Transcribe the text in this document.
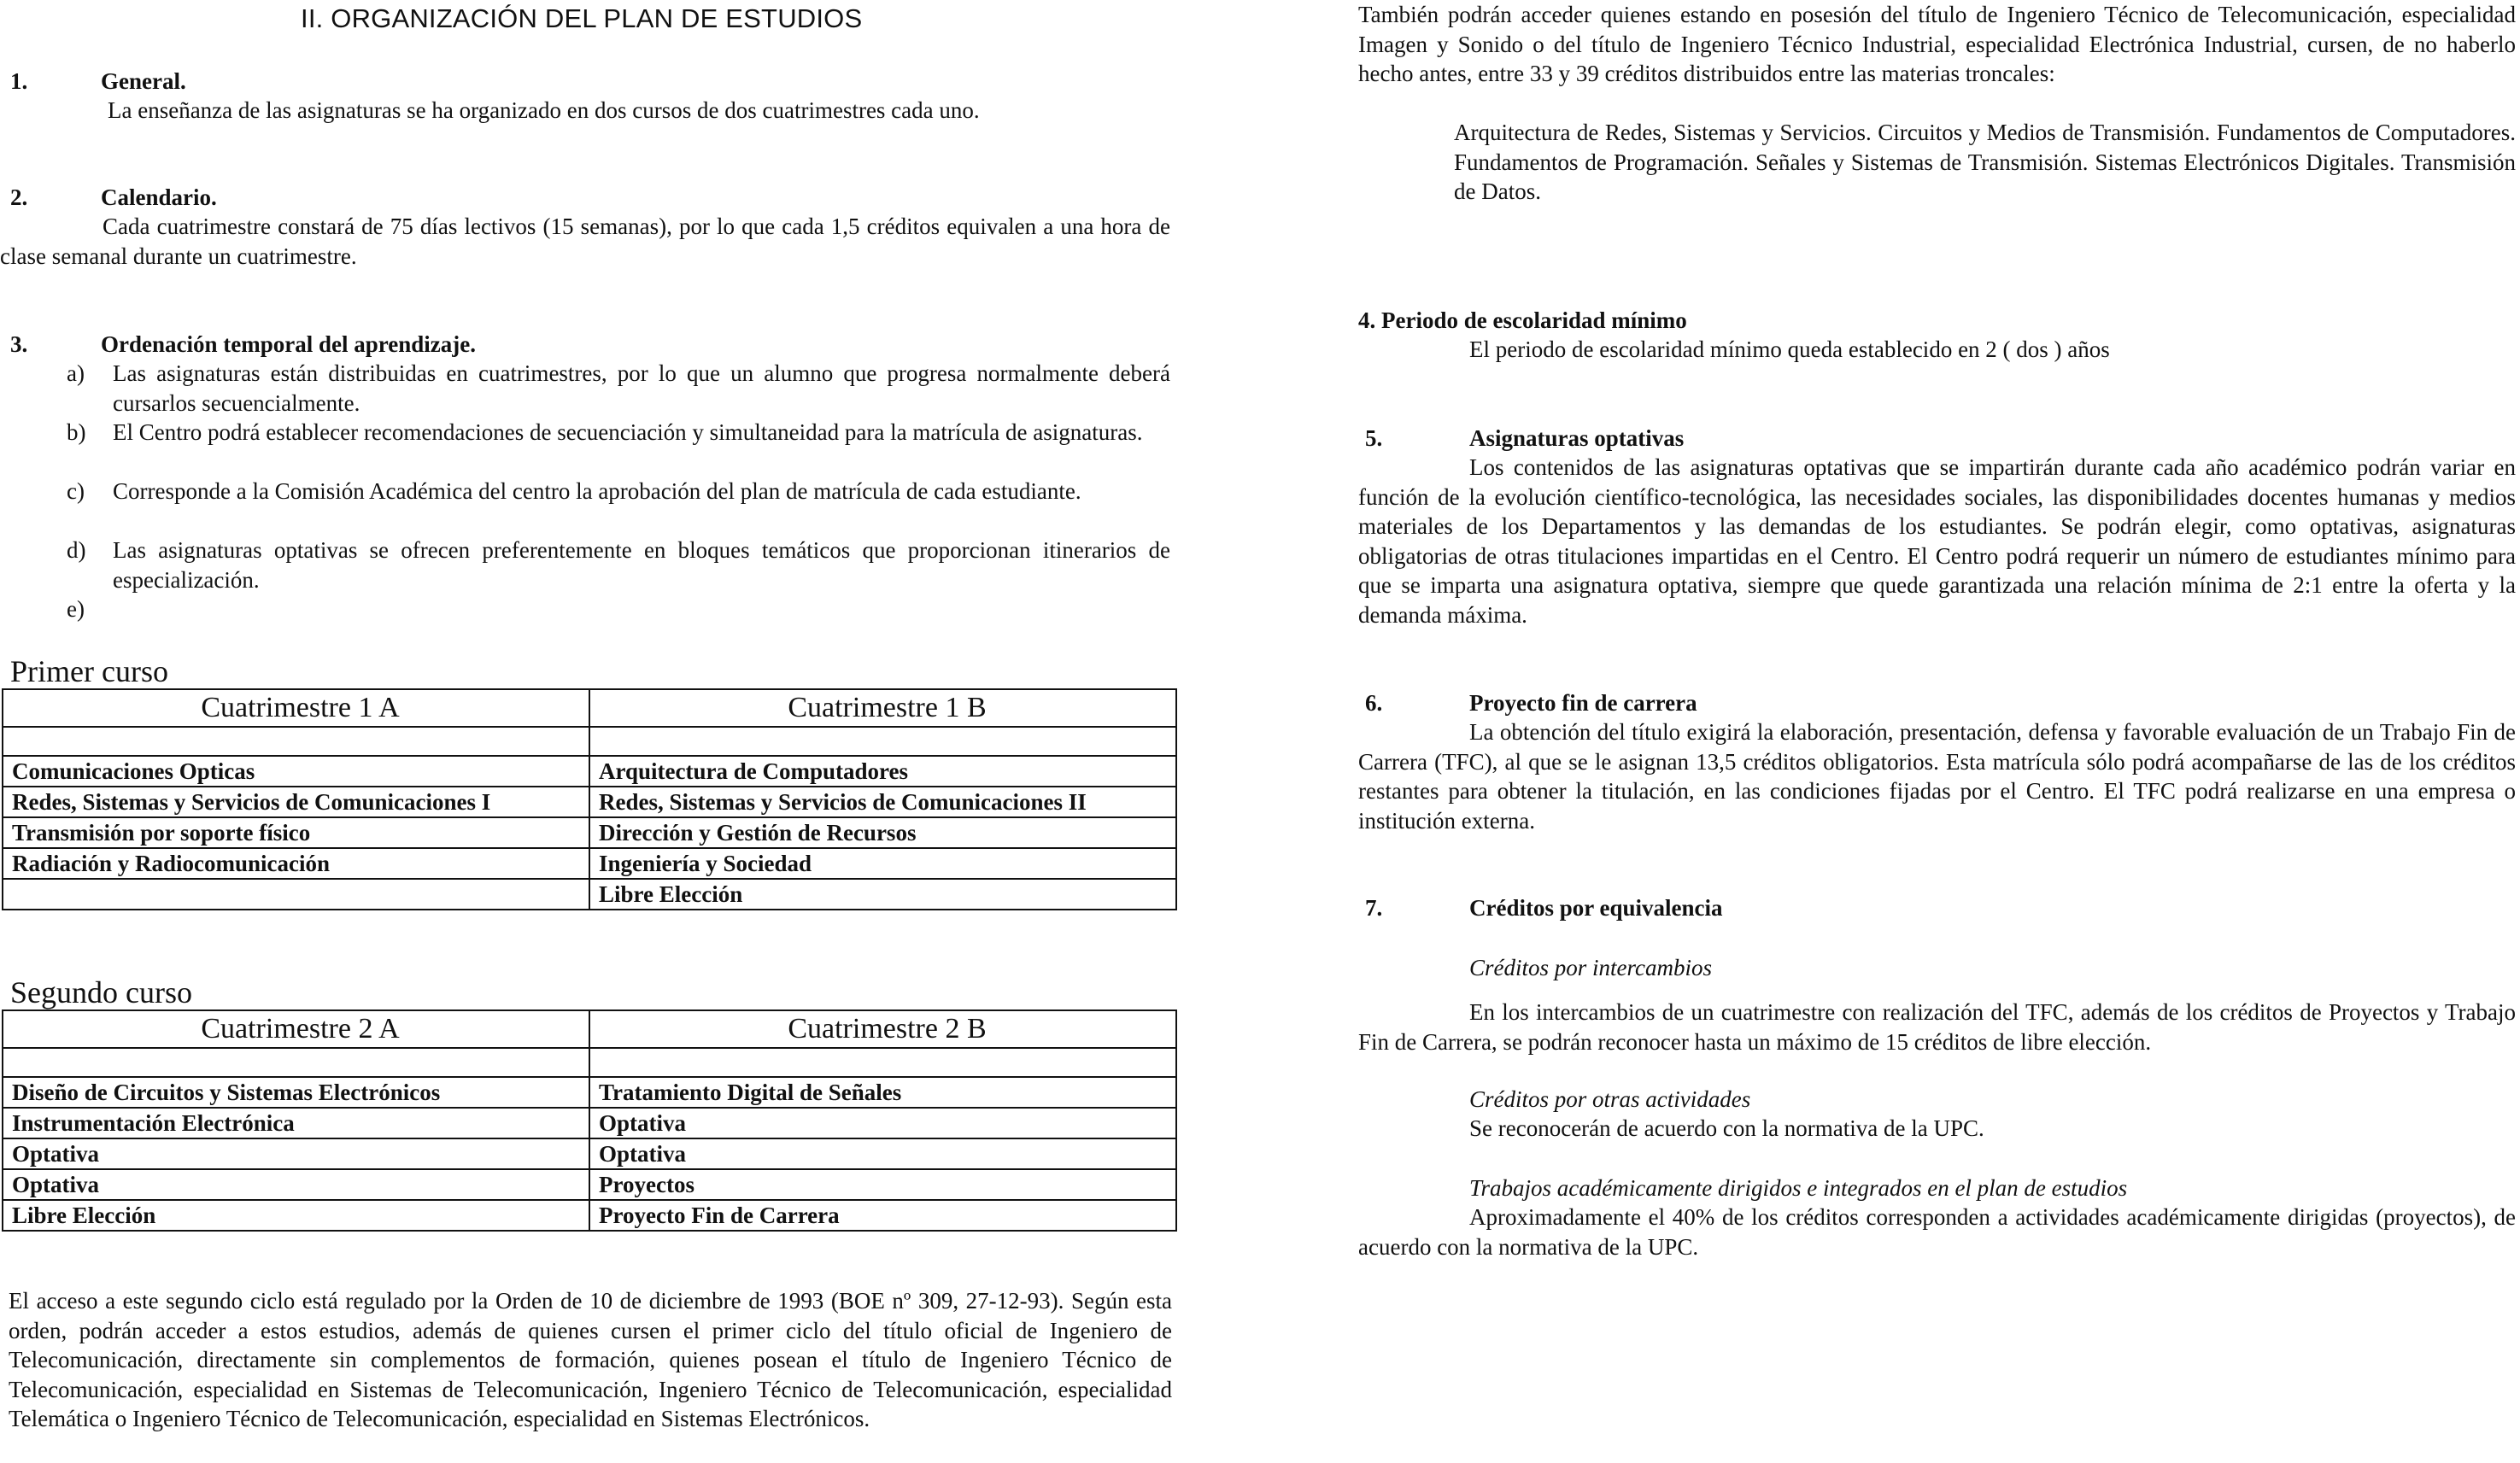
II. ORGANIZACIÓN DEL PLAN DE ESTUDIOS
1.	General.
La enseñanza de las asignaturas se ha organizado en dos cursos de dos cuatrimestres cada uno.
2.	Calendario.
Cada cuatrimestre constará de 75 días lectivos (15 semanas), por lo que cada 1,5 créditos equivalen a una hora de clase semanal durante un cuatrimestre.
3.	Ordenación temporal del aprendizaje.
a) Las asignaturas están distribuidas en cuatrimestres, por lo que un alumno que progresa normalmente deberá cursarlos secuencialmente.
b) El Centro podrá establecer recomendaciones de secuenciación y simultaneidad para la matrícula de asignaturas.
c) Corresponde a la Comisión Académica del centro la aprobación del plan de matrícula de cada estudiante.
d) Las asignaturas optativas se ofrecen preferentemente en bloques temáticos que proporcionan itinerarios de especialización.
e)
Primer curso
Cuatrimestre 1 A	Cuatrimestre 1 B

Comunicaciones Opticas	Arquitectura de Computadores
Redes, Sistemas y Servicios de Comunicaciones I	Redes, Sistemas y Servicios de Comunicaciones II
Transmisión por soporte físico	Dirección y Gestión de Recursos
Radiación y Radiocomunicación	Ingeniería y Sociedad
	Libre Elección
Segundo curso
Cuatrimestre 2 A	Cuatrimestre 2 B

Diseño de Circuitos y Sistemas Electrónicos	Tratamiento Digital de Señales
Instrumentación Electrónica	Optativa
Optativa	Optativa
Optativa	Proyectos
Libre Elección	Proyecto Fin de Carrera
El acceso a este segundo ciclo está regulado por la Orden de 10 de diciembre de 1993 (BOE nº 309, 27-12-93). Según esta orden, podrán acceder a estos estudios, además de quienes cursen el primer ciclo del título oficial de Ingeniero de Telecomunicación, directamente sin complementos de formación, quienes posean el título de Ingeniero Técnico de Telecomunicación, especialidad en Sistemas de Telecomunicación, Ingeniero Técnico de Telecomunicación, especialidad Telemática o Ingeniero Técnico de Telecomunicación, especialidad en Sistemas Electrónicos.
También podrán acceder quienes estando en posesión del título de Ingeniero Técnico de Telecomunicación, especialidad Imagen y Sonido o del título de Ingeniero Técnico Industrial, especialidad Electrónica Industrial, cursen, de no haberlo hecho antes, entre 33 y 39 créditos distribuidos entre las materias troncales:
Arquitectura de Redes, Sistemas y Servicios. Circuitos y Medios de Transmisión. Fundamentos de Computadores. Fundamentos de Programación. Señales y Sistemas de Transmisión. Sistemas Electrónicos Digitales. Transmisión de Datos.
4. Periodo de escolaridad mínimo
El periodo de escolaridad mínimo queda establecido en 2 ( dos ) años
5.	Asignaturas optativas
Los contenidos de las asignaturas optativas que se impartirán durante cada año académico podrán variar en función de la evolución científico-tecnológica, las necesidades sociales, las disponibilidades docentes humanas y medios materiales de los Departamentos y las demandas de los estudiantes. Se podrán elegir, como optativas, asignaturas obligatorias de otras titulaciones impartidas en el Centro. El Centro podrá requerir un número de estudiantes mínimo para que se imparta una asignatura optativa, siempre que quede garantizada una relación mínima de 2:1 entre la oferta y la demanda máxima.
6.	Proyecto fin de carrera
La obtención del título exigirá la elaboración, presentación, defensa y favorable evaluación de un Trabajo Fin de Carrera (TFC), al que se le asignan 13,5 créditos obligatorios. Esta matrícula sólo podrá acompañarse de las de los créditos restantes para obtener la titulación, en las condiciones fijadas por el Centro. El TFC podrá realizarse en una empresa o institución externa.
7.	Créditos por equivalencia
Créditos por intercambios
En los intercambios de un cuatrimestre con realización del TFC, además de los créditos de Proyectos y Trabajo Fin de Carrera, se podrán reconocer hasta un máximo de 15 créditos de libre elección.
Créditos por otras actividades
Se reconocerán de acuerdo con la normativa de la UPC.
Trabajos académicamente dirigidos e integrados en el plan de estudios
Aproximadamente el 40% de los créditos corresponden a actividades académicamente dirigidas (proyectos), de acuerdo con la normativa de la UPC.
